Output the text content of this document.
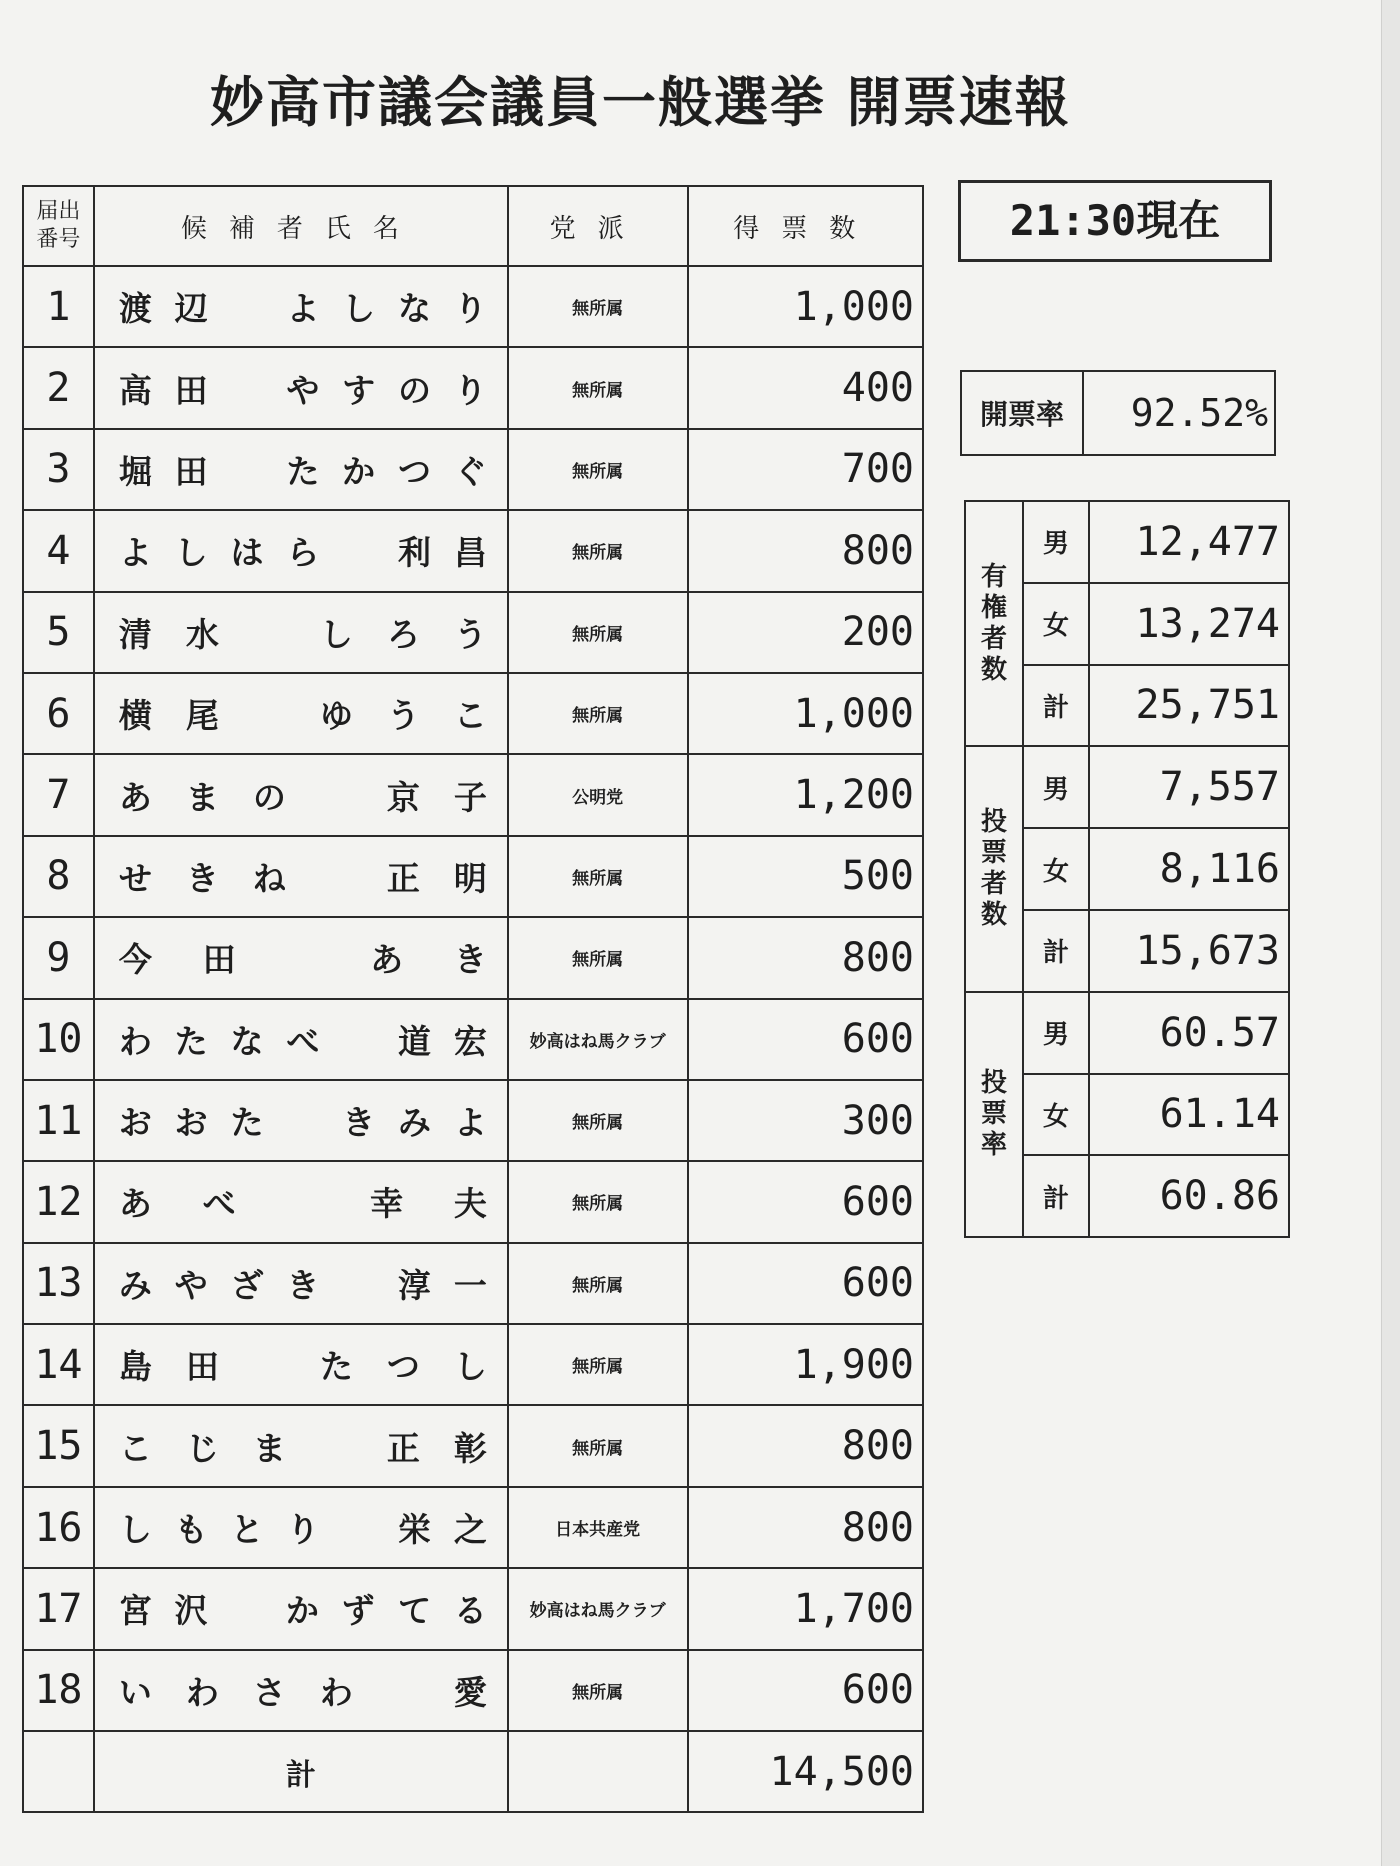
妙高市議会議員一般選挙 開票速報
届出
番号	候補者氏名	党派	得票数
1	渡辺　よしなり	無所属	1,000
2	高田　やすのり	無所属	400
3	堀田　たかつぐ	無所属	700
4	よしはら　利昌	無所属	800
5	清水　しろう	無所属	200
6	横尾　ゆうこ	無所属	1,000
7	あまの　京子	公明党	1,200
8	せきね　正明	無所属	500
9	今田　あき	無所属	800
10	わたなべ　道宏	妙高はね馬クラブ	600
11	おおた　きみよ	無所属	300
12	あべ　幸夫	無所属	600
13	みやざき　淳一	無所属	600
14	島田　たつし	無所属	1,900
15	こじま　正彰	無所属	800
16	しもとり　栄之	日本共産党	800
17	宮沢　かずてる	妙高はね馬クラブ	1,700
18	いわさわ　愛	無所属	600
	計		14,500
21:30現在
開票率	92.52%
有
権
者
数	男	12,477
	女	13,274
	計	25,751

投
票
者
数	男	7,557
	女	8,116
	計	15,673

投
票
率	男	60.57
	女	61.14
	計	60.86
